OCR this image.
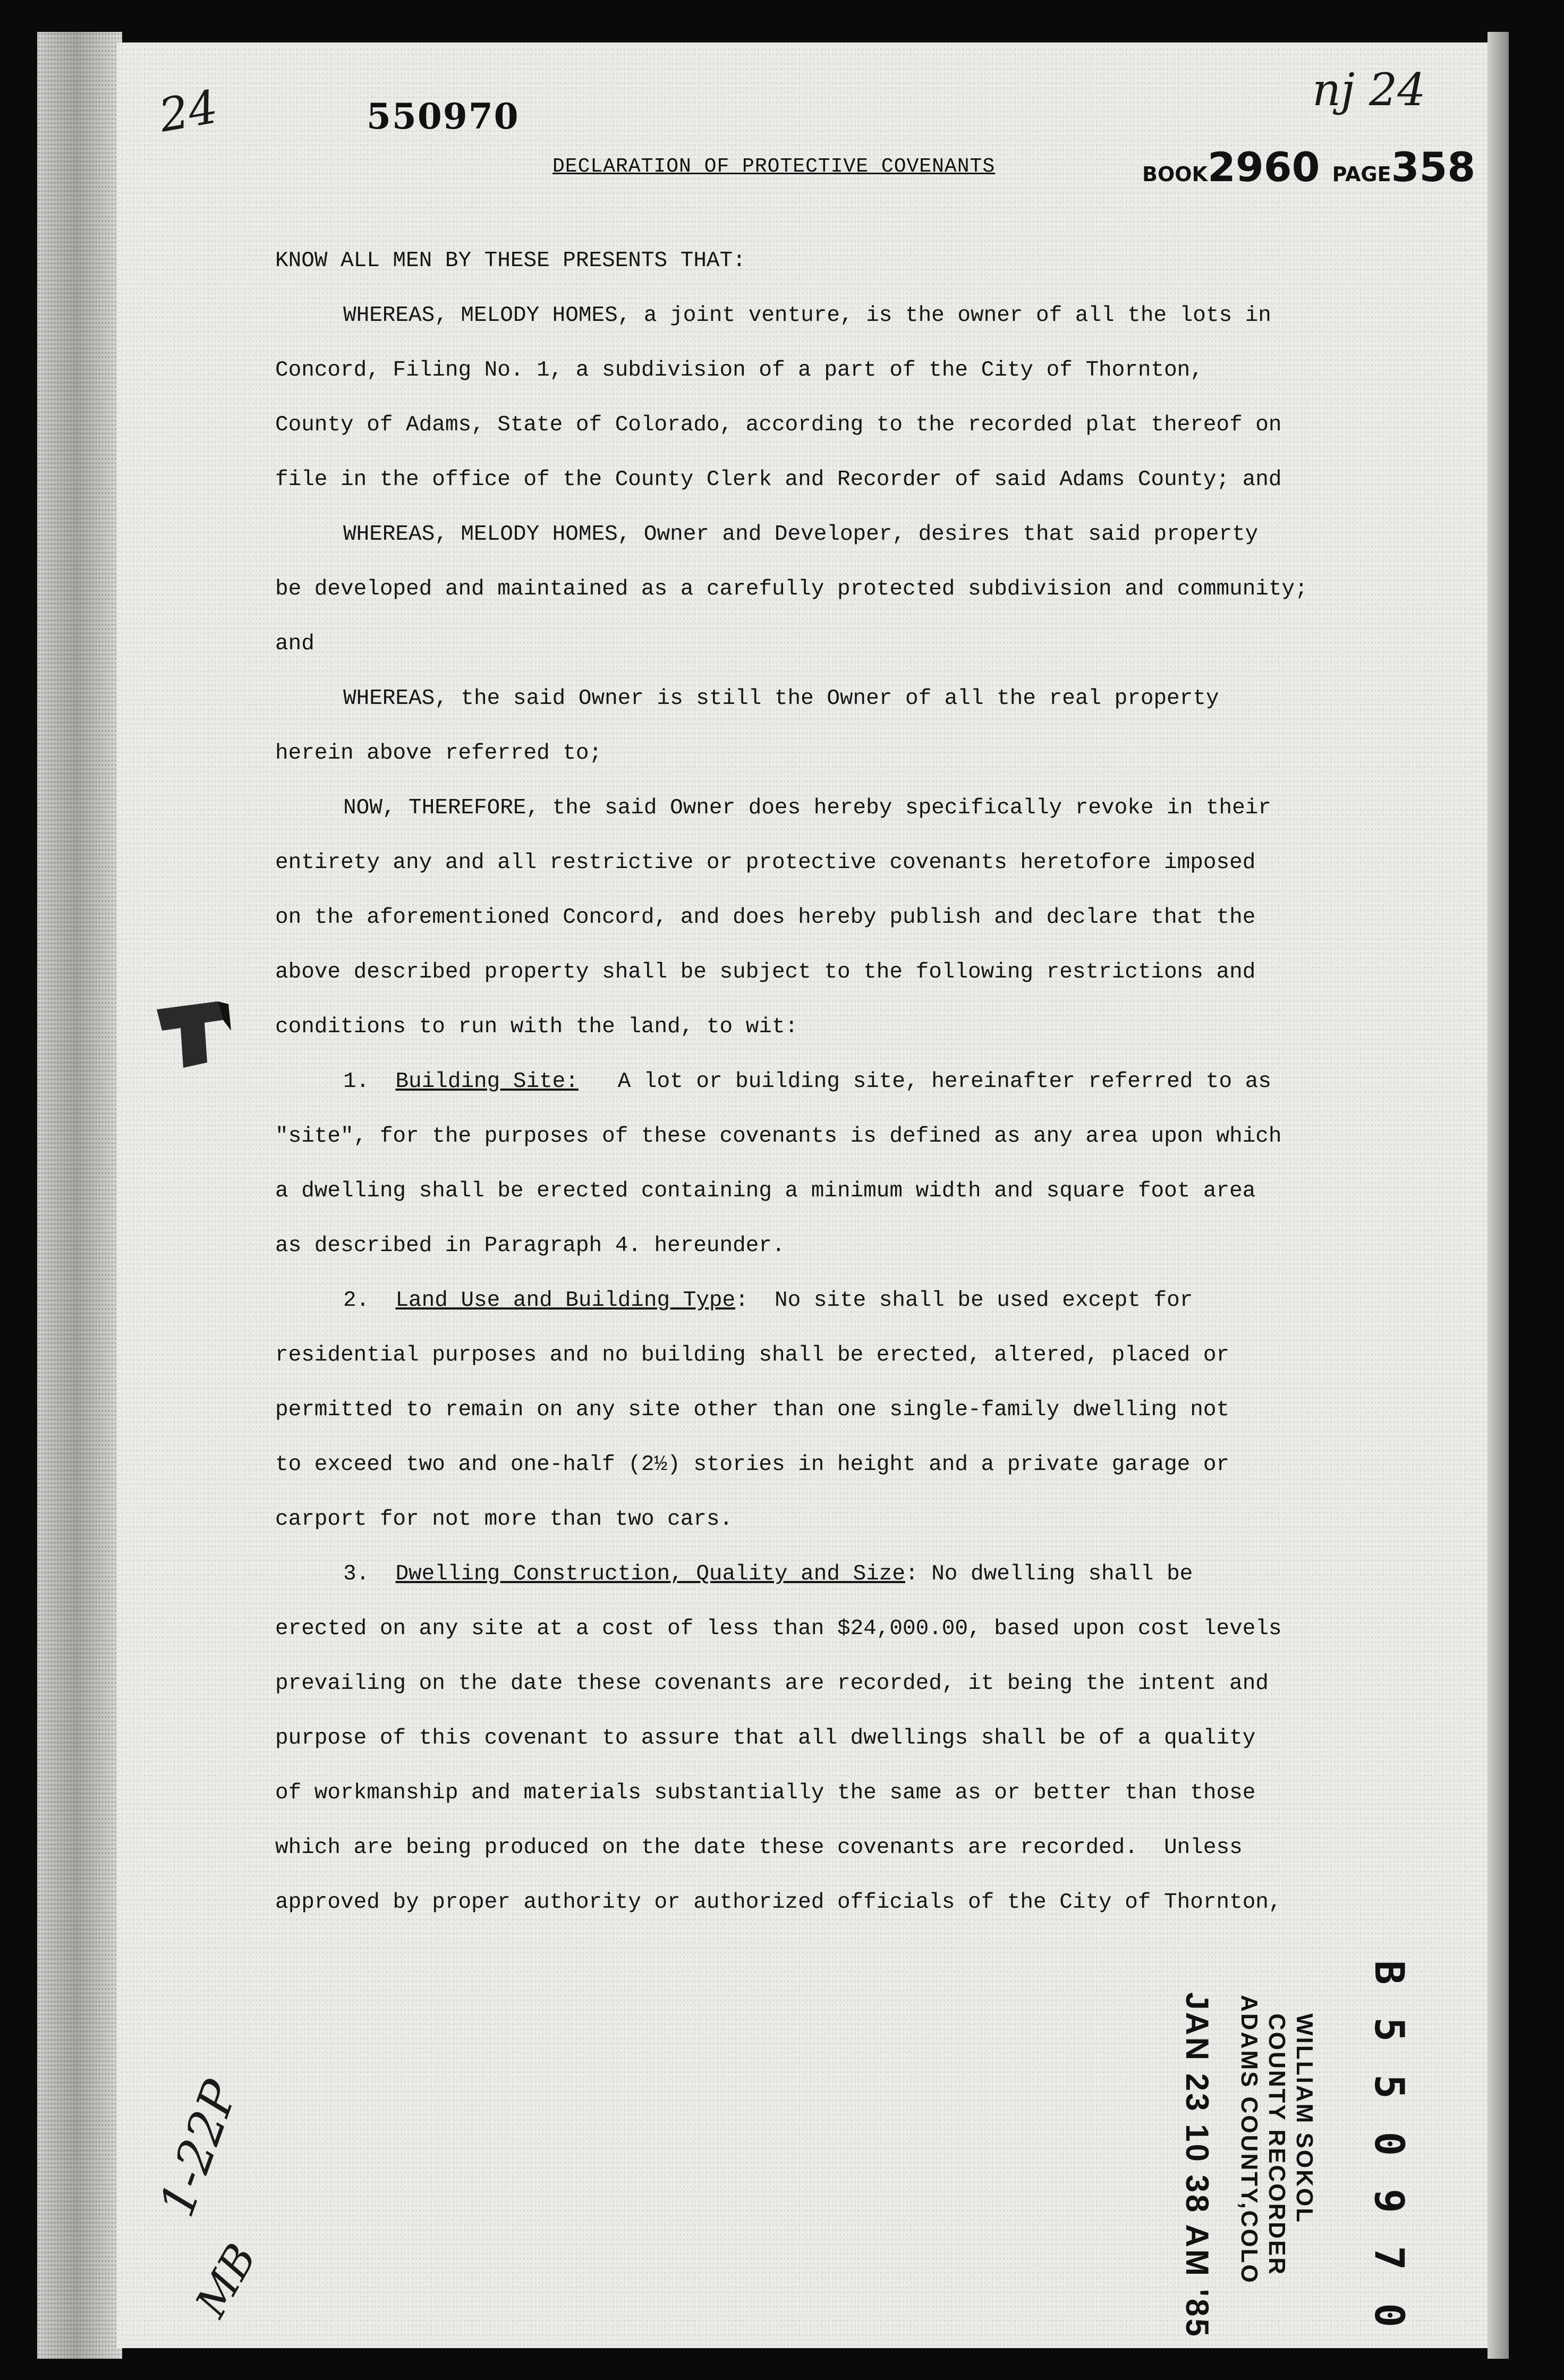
24	550970
DECLARATION OF PROTECTIVE COVENANTS	BOOK2960 PAGE358
nj 24
KNOW ALL MEN BY THESE PRESENTS THAT:
WHEREAS, MELODY HOMES, a joint venture, is the owner of all the lots in
Concord, Filing No. 1, a subdivision of a part of the City of Thornton,
County of Adams, State of Colorado, according to the recorded plat thereof on
file in the office of the County Clerk and Recorder of said Adams County; and
WHEREAS, MELODY HOMES, Owner and Developer, desires that said property
be developed and maintained as a carefully protected subdivision and community;
and
WHEREAS, the said Owner is still the Owner of all the real property
herein above referred to;
NOW, THEREFORE, the said Owner does hereby specifically revoke in their
entirety any and all restrictive or protective covenants heretofore imposed
on the aforementioned Concord, and does hereby publish and declare that the
above described property shall be subject to the following restrictions and
conditions to run with the land, to wit:
1. Building Site: A lot or building site, hereinafter referred to as
"site", for the purposes of these covenants is defined as any area upon which
a dwelling shall be erected containing a minimum width and square foot area
as described in Paragraph 4. hereunder.
2. Land Use and Building Type:  No site shall be used except for
residential purposes and no building shall be erected, altered, placed or
permitted to remain on any site other than one single-family dwelling not
to exceed two and one-half (2½) stories in height and a private garage or
carport for not more than two cars.
3. Dwelling Construction, Quality and Size: No dwelling shall be
erected on any site at a cost of less than $24,000.00, based upon cost levels
prevailing on the date these covenants are recorded, it being the intent and
purpose of this covenant to assure that all dwellings shall be of a quality
of workmanship and materials substantially the same as or better than those
which are being produced on the date these covenants are recorded.  Unless
approved by proper authority or authorized officials of the City of Thornton,
WILLIAM SOKOL
COUNTY RECORDER
ADAMS COUNTY,COLO
JAN 23 10 38 AM '85	B 5 5 0 9 7 0
1-22P
MB
